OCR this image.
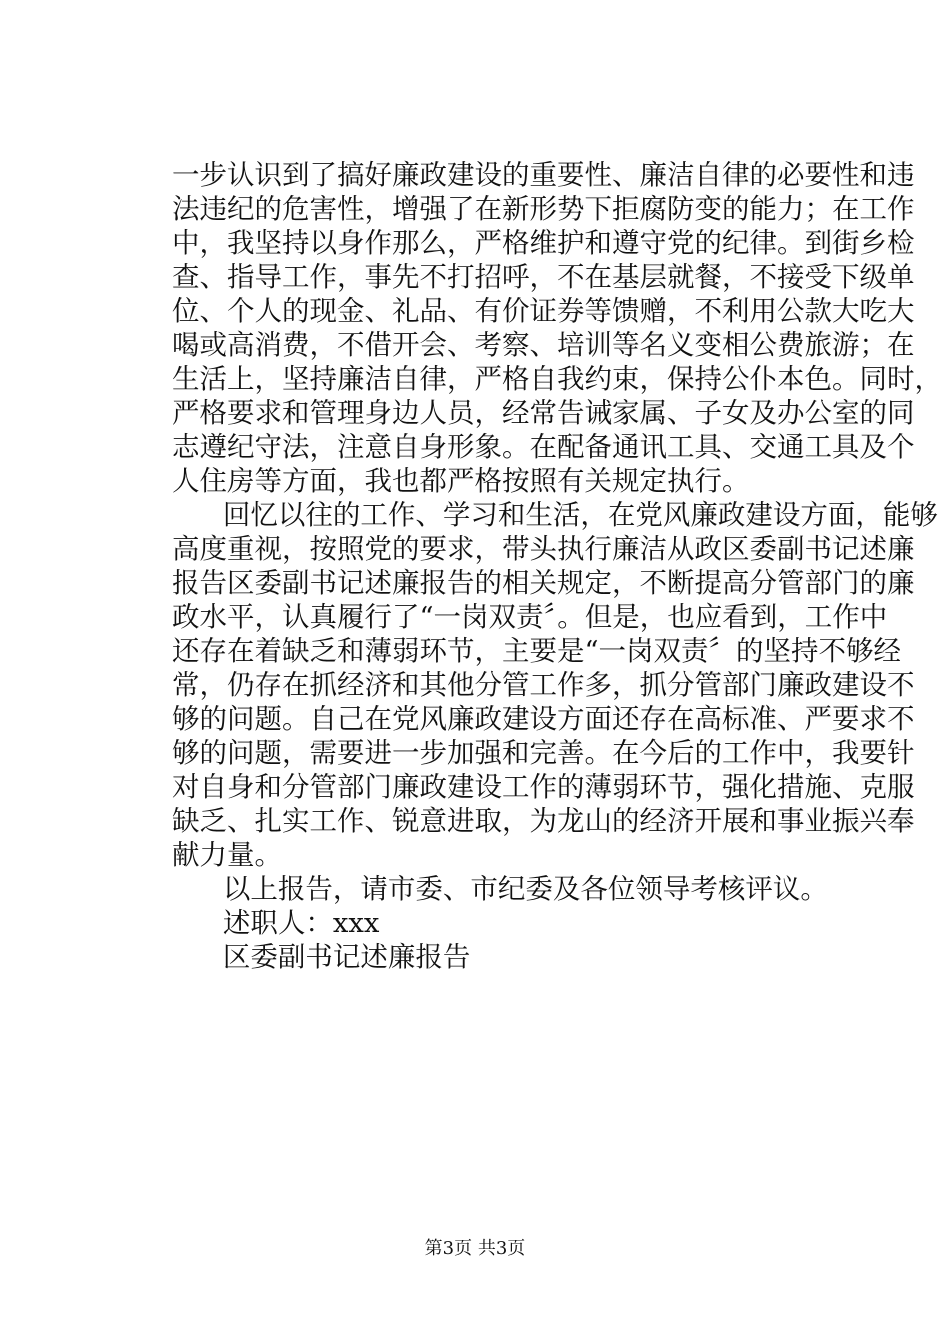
一步认识到了搞好廉政建设的重要性、廉洁自律的必要性和违
法违纪的危害性，增强了在新形势下拒腐防变的能力；在工作
中，我坚持以身作那么，严格维护和遵守党的纪律。到街乡检
查、指导工作，事先不打招呼，不在基层就餐，不接受下级单
位、个人的现金、礼品、有价证券等馈赠，不利用公款大吃大
喝或高消费，不借开会、考察、培训等名义变相公费旅游；在
生活上，坚持廉洁自律，严格自我约束，保持公仆本色。同时，
严格要求和管理身边人员，经常告诫家属、子女及办公室的同
志遵纪守法，注意自身形象。在配备通讯工具、交通工具及个
人住房等方面，我也都严格按照有关规定执行。
回忆以往的工作、学习和生活，在党风廉政建设方面，能够
高度重视，按照党的要求，带头执行廉洁从政区委副书记述廉
报告区委副书记述廉报告的相关规定，不断提高分管部门的廉
政水平，认真履行了“一岗双责〞。但是，也应看到，工作中
还存在着缺乏和薄弱环节，主要是“一岗双责〞的坚持不够经
常，仍存在抓经济和其他分管工作多，抓分管部门廉政建设不
够的问题。自己在党风廉政建设方面还存在高标准、严要求不
够的问题，需要进一步加强和完善。在今后的工作中，我要针
对自身和分管部门廉政建设工作的薄弱环节，强化措施、克服
缺乏、扎实工作、锐意进取，为龙山的经济开展和事业振兴奉
献力量。
以上报告，请市委、市纪委及各位领导考核评议。
述职人：xxx
区委副书记述廉报告
第3页 共3页
